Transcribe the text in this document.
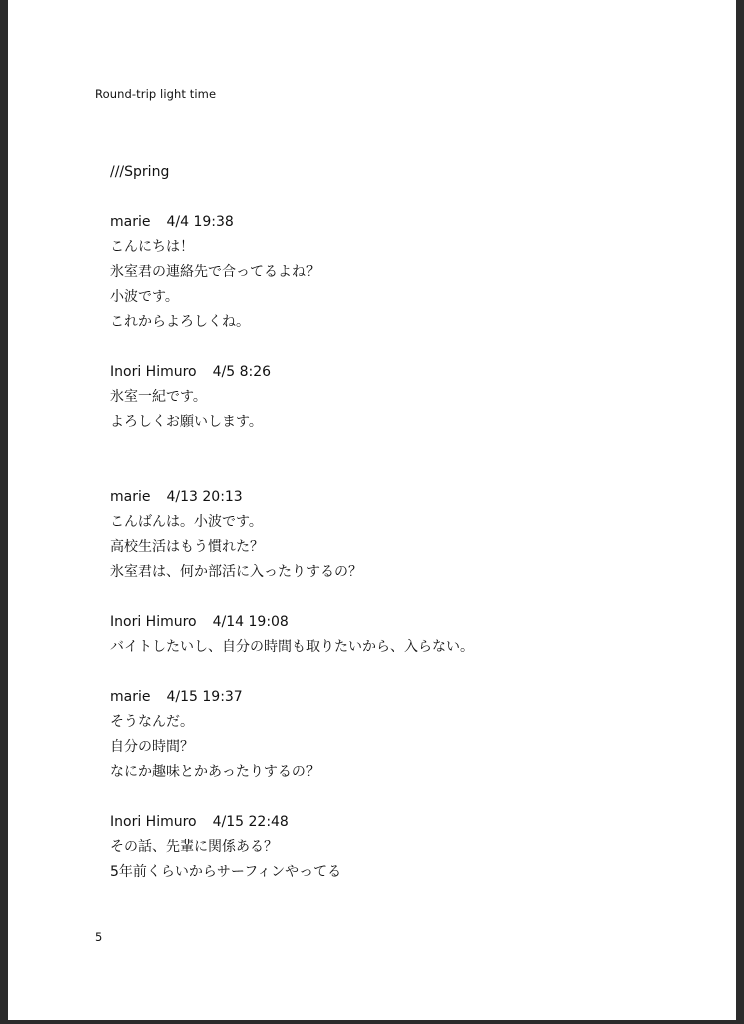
Round-trip light time
///Spring
marie 4/4 19:38
こんにちは！
氷室君の連絡先で合ってるよね？
小波です。
これからよろしくね。
Inori Himuro 4/5 8:26
氷室一紀です。
よろしくお願いします。
marie 4/13 20:13
こんばんは。小波です。
高校生活はもう慣れた？
氷室君は、何か部活に入ったりするの？
Inori Himuro 4/14 19:08
バイトしたいし、自分の時間も取りたいから、入らない。
marie 4/15 19:37
そうなんだ。
自分の時間？
なにか趣味とかあったりするの？
Inori Himuro 4/15 22:48
その話、先輩に関係ある？
5年前くらいからサーフィンやってる
5
